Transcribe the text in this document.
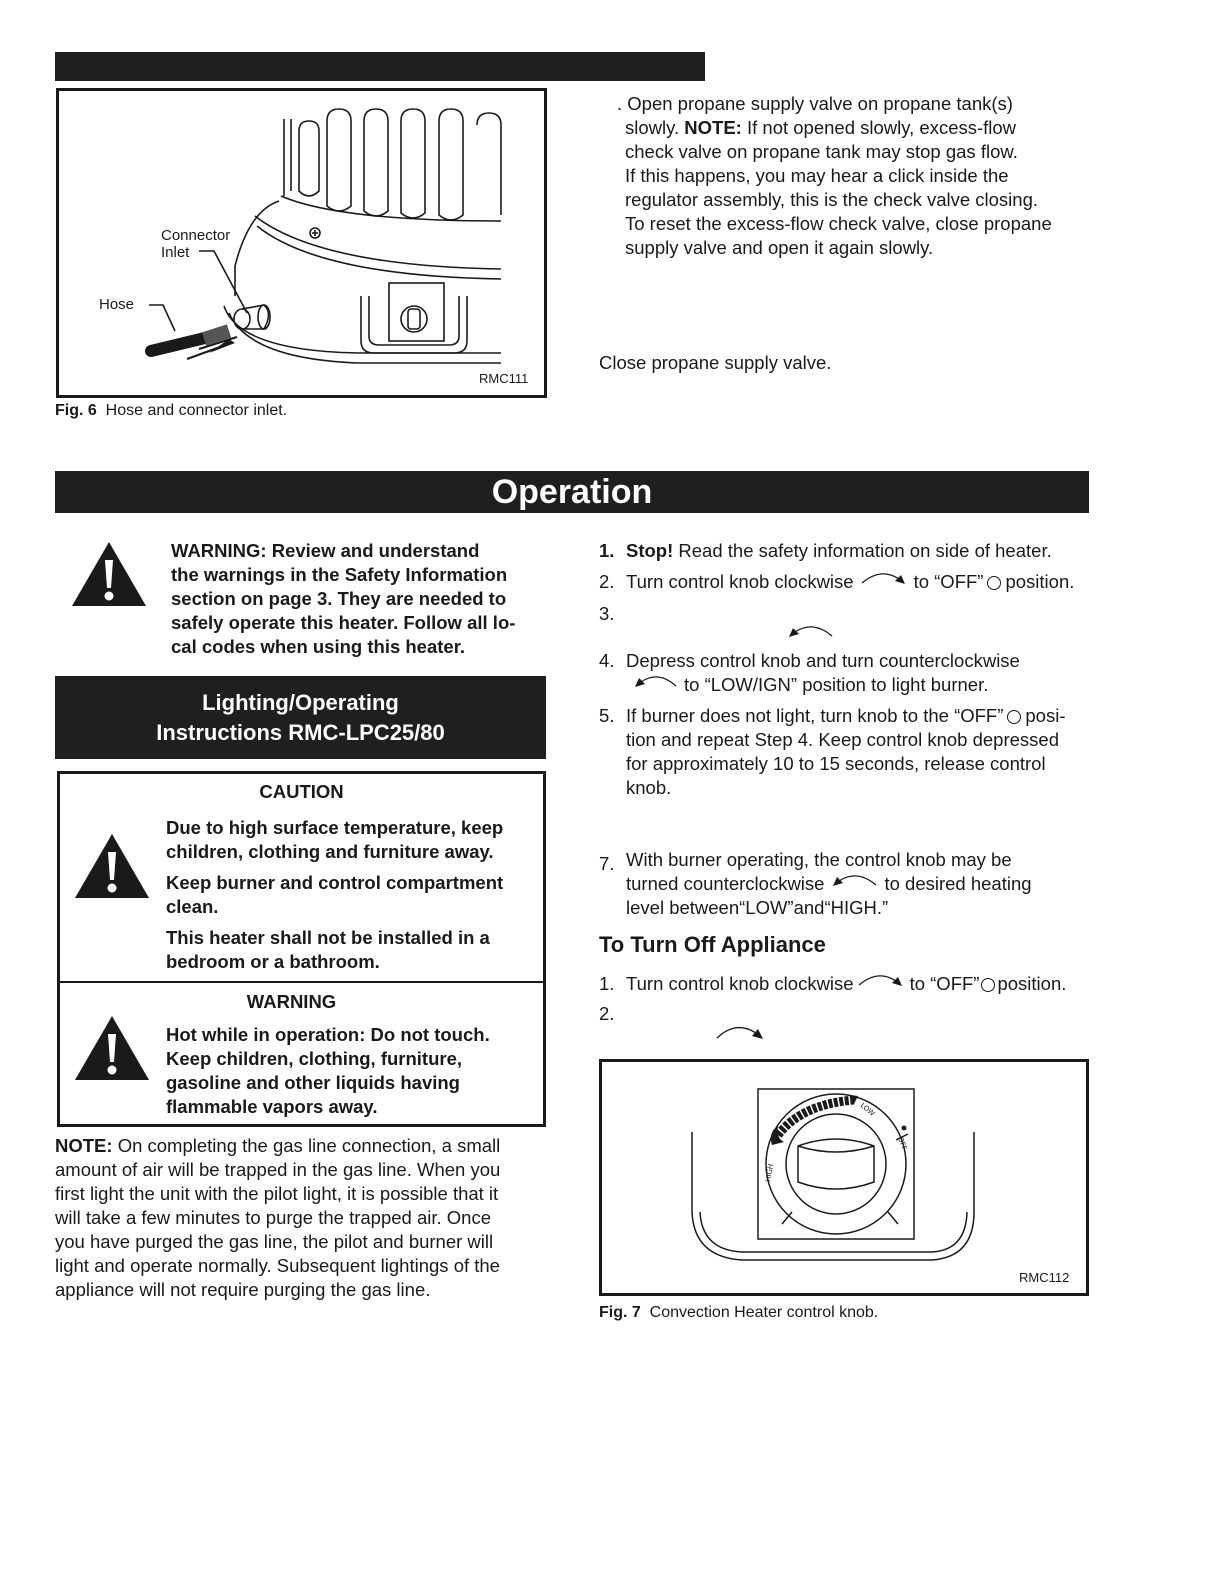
Connector
Inlet
Hose
RMC111
Fig. 6 Hose and connector inlet.
. Open propane supply valve on propane tank(s)
slowly. NOTE: If not opened slowly, excess-flow
check valve on propane tank may stop gas flow.
If this happens, you may hear a click inside the
regulator assembly, this is the check valve closing.
To reset the excess-flow check valve, close propane
supply valve and open it again slowly.
Close propane supply valve.
Operation
WARNING: Review and understand
the warnings in the Safety Information
section on page 3. They are needed to
safely operate this heater. Follow all lo-
cal codes when using this heater.
Lighting/Operating
Instructions RMC-LPC25/80
CAUTION
Due to high surface temperature, keep
children, clothing and furniture away.
Keep burner and control compartment
clean.
This heater shall not be installed in a
bedroom or a bathroom.
WARNING
Hot while in operation: Do not touch.
Keep children, clothing, furniture,
gasoline and other liquids having
flammable vapors away.
NOTE: On completing the gas line connection, a small
amount of air will be trapped in the gas line. When you
first light the unit with the pilot light, it is possible that it
will take a few minutes to purge the trapped air. Once
you have purged the gas line, the pilot and burner will
light and operate normally. Subsequent lightings of the
appliance will not require purging the gas line.
1. Stop! Read the safety information on side of heater.
2. Turn control knob clockwise	to “OFF” position.
3.
4. Depress control knob and turn counterclockwise
to “LOW/IGN” position to light burner.
5. If burner does not light, turn knob to the “OFF” posi-
tion and repeat Step 4. Keep control knob depressed
for approximately 10 to 15 seconds, release control
knob.
7. With burner operating, the control knob may be
turned counterclockwise	to desired heating
level between“LOW”and“HIGH.”
To Turn Off Appliance
1. Turn control knob clockwise	to “OFF” position.
2.
LOW
OFF
HIGH
RMC112
Fig. 7 Convection Heater control knob.
